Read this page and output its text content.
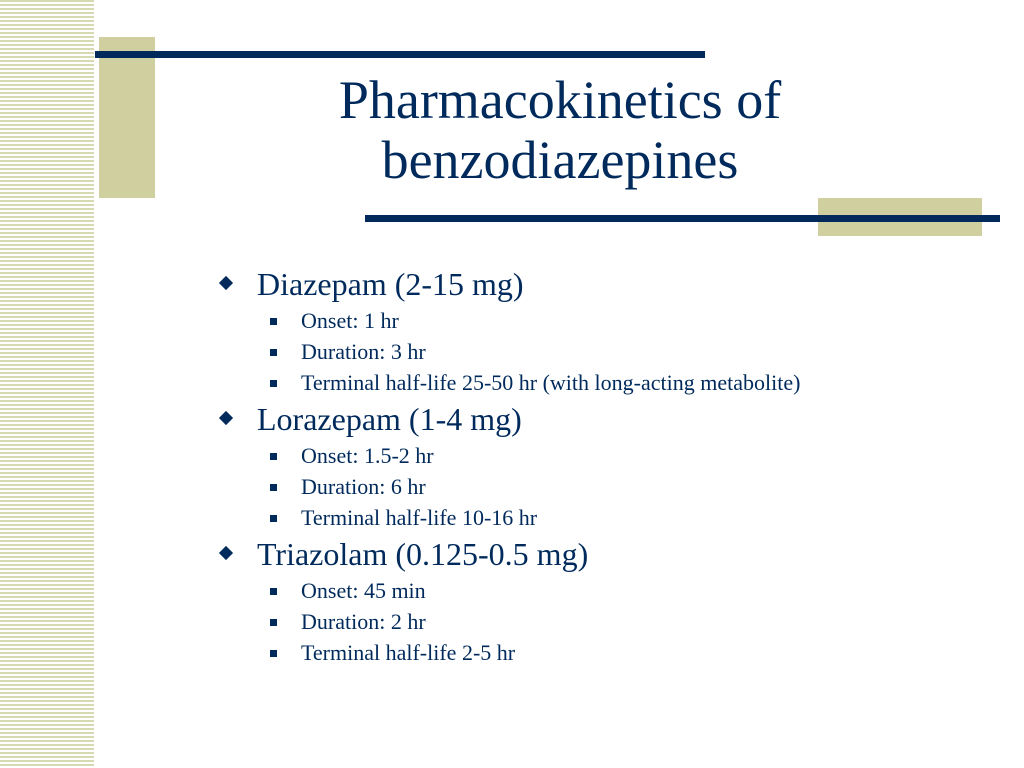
Pharmacokinetics of
benzodiazepines
Diazepam (2-15 mg)
Onset: 1 hr
Duration: 3 hr
Terminal half-life 25-50 hr (with long-acting metabolite)
Lorazepam (1-4 mg)
Onset: 1.5-2 hr
Duration: 6 hr
Terminal half-life 10-16 hr
Triazolam (0.125-0.5 mg)
Onset: 45 min
Duration: 2 hr
Terminal half-life 2-5 hr
